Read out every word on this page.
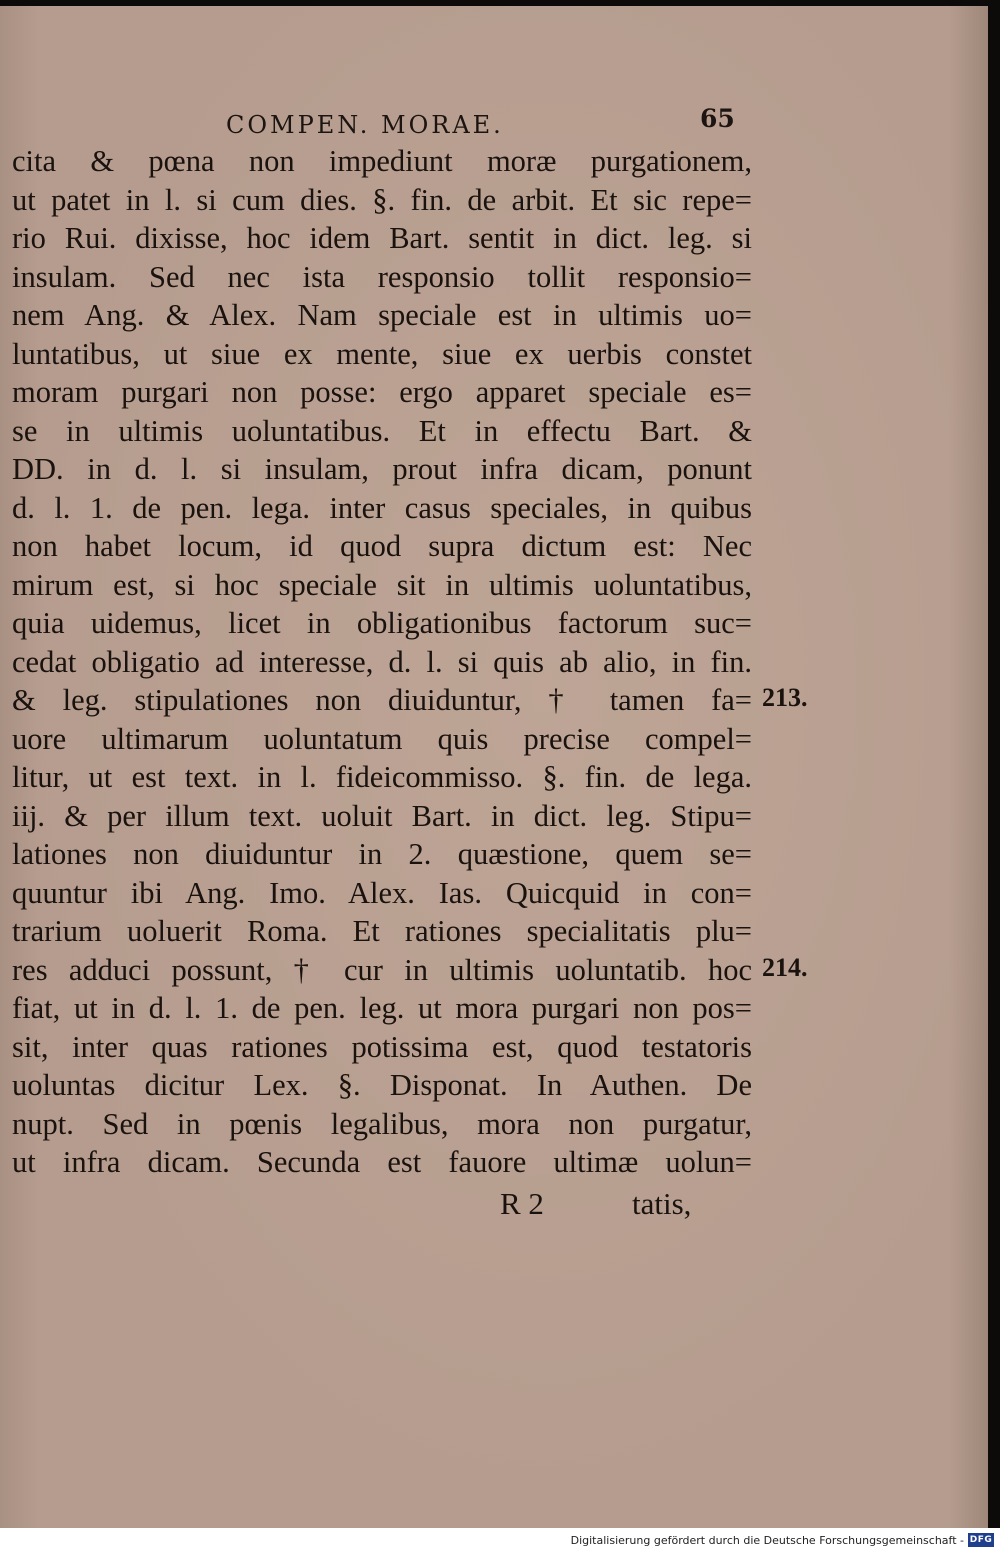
COMPEN. MORAE.	65
cita & pœna non impediunt moræ purgationem,
ut patet in l. si cum dies. §. fin. de arbit. Et sic repe=
rio Rui. dixisse, hoc idem Bart. sentit in dict. leg. si
insulam. Sed nec ista responsio tollit responsio=
nem Ang. & Alex. Nam speciale est in ultimis uo=
luntatibus, ut siue ex mente, siue ex uerbis constet
moram purgari non posse: ergo apparet speciale es=
se in ultimis uoluntatibus. Et in effectu Bart. &
DD. in d. l. si insulam, prout infra dicam, ponunt
d. l. 1. de pen. lega. inter casus speciales, in quibus
non habet locum, id quod supra dictum est: Nec
mirum est, si hoc speciale sit in ultimis uoluntatibus,
quia uidemus, licet in obligationibus factorum suc=
cedat obligatio ad interesse, d. l. si quis ab alio, in fin.
& leg. stipulationes non diuiduntur, † tamen fa=
uore ultimarum uoluntatum quis precise compel=
litur, ut est text. in l. fideicommisso. §. fin. de lega.
iij. & per illum text. uoluit Bart. in dict. leg. Stipu=
lationes non diuiduntur in 2. quæstione, quem se=
quuntur ibi Ang. Imo. Alex. Ias. Quicquid in con=
trarium uoluerit Roma. Et rationes specialitatis plu=
res adduci possunt, † cur in ultimis uoluntatib. hoc
fiat, ut in d. l. 1. de pen. leg. ut mora purgari non pos=
sit, inter quas rationes potissima est, quod testatoris
uoluntas dicitur Lex. §. Disponat. In Authen. De
nupt. Sed in pœnis legalibus, mora non purgatur,
ut infra dicam. Secunda est fauore ultimæ uolun=
213.
214.
R 2	tatis,
Digitalisierung gefördert durch die Deutsche Forschungsgemeinschaft - DFG
